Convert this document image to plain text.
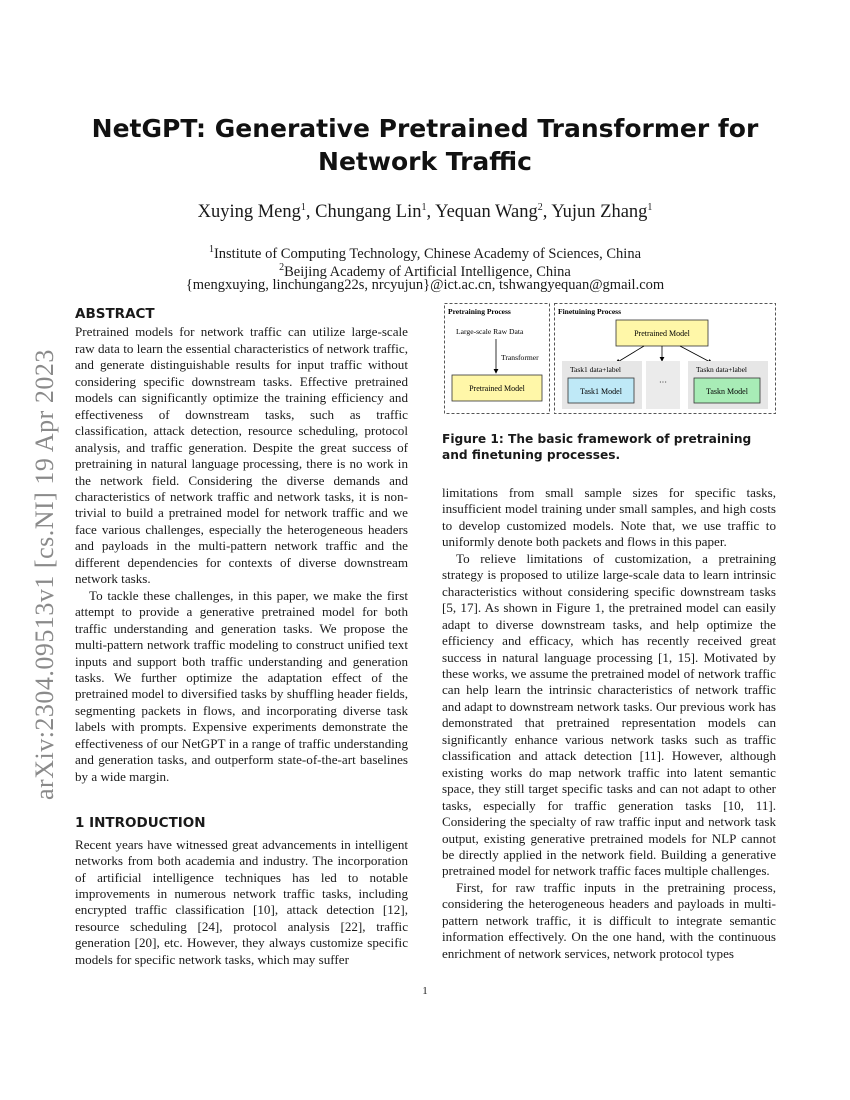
arXiv:2304.09513v1 [cs.NI] 19 Apr 2023
NetGPT: Generative Pretrained Transformer for
Network Traffic
Xuying Meng$^1$, Chungang Lin$^1$, Yequan Wang$^2$, Yujun Zhang$^1$
$^1$Institute of Computing Technology, Chinese Academy of Sciences, China
$^2$Beijing Academy of Artificial Intelligence, China
{mengxuying, linchungang22s, nrcyujun}@ict.ac.cn, tshwangyequan@gmail.com

ABSTRACT

Pretrained models for network traffic can utilize large-scale raw data to learn the essential characteristics of network traffic, and generate distinguishable results for input traffic without considering specific downstream tasks. Effective pretrained models can significantly optimize the training efficiency and effectiveness of downstream tasks, such as traffic classification, attack detection, resource scheduling, protocol analysis, and traffic generation. Despite the great success of pretraining in natural language processing, there is no work in the network field. Considering the diverse demands and characteristics of network traffic and network tasks, it is non-trivial to build a pretrained model for network traffic and we face various challenges, especially the heterogeneous headers and payloads in the multi-pattern network traffic and the different dependencies for contexts of diverse downstream network tasks.

To tackle these challenges, in this paper, we make the first attempt to provide a generative pretrained model for both traffic understanding and generation tasks. We propose the multi-pattern network traffic modeling to construct unified text inputs and support both traffic understanding and generation tasks. We further optimize the adaptation effect of the pretrained model to diversified tasks by shuffling header fields, segmenting packets in flows, and incorporating diverse task labels with prompts. Expensive experiments demonstrate the effectiveness of our NetGPT in a range of traffic understanding and generation tasks, and outperform state-of-the-art baselines by a wide margin.

1 INTRODUCTION

Recent years have witnessed great advancements in intelligent networks from both academia and industry. The incorporation of artificial intelligence techniques has led to notable improvements in numerous network traffic tasks, including encrypted traffic classification [10], attack detection [12], resource scheduling [24], protocol analysis [22], traffic generation [20], etc. However, they always customize specific models for specific network tasks, which may suffer

Pretraining Process	Finetuining Process
Large-scale Raw Data
Transformer
Pretrained Model
Pretrained Model
Task1 data+label	Taskn data+label
···
Task1 Model	Taskn Model
Figure 1: The basic framework of pretraining and finetuning processes.

limitations from small sample sizes for specific tasks, insufficient model training under small samples, and high costs to develop customized models. Note that, we use traffic to uniformly denote both packets and flows in this paper.

To relieve limitations of customization, a pretraining strategy is proposed to utilize large-scale data to learn intrinsic characteristics without considering specific downstream tasks [5, 17]. As shown in Figure 1, the pretrained model can easily adapt to diverse downstream tasks, and help optimize the efficiency and efficacy, which has recently received great success in natural language processing [1, 15]. Motivated by these works, we assume the pretrained model of network traffic can help learn the intrinsic characteristics of network traffic and adapt to downstream network tasks. Our previous work has demonstrated that pretrained representation models can significantly enhance various network tasks such as traffic classification and attack detection [11]. However, although existing works do map network traffic into latent semantic space, they still target specific tasks and can not adapt to other tasks, especially for traffic generation tasks [10, 11]. Considering the specialty of raw traffic input and network task output, existing generative pretrained models for NLP cannot be directly applied in the network field. Building a generative pretrained model for network traffic faces multiple challenges.

First, for raw traffic inputs in the pretraining process, considering the heterogeneous headers and payloads in multi-pattern network traffic, it is difficult to integrate semantic information effectively. On the one hand, with the continuous enrichment of network services, network protocol types

1
